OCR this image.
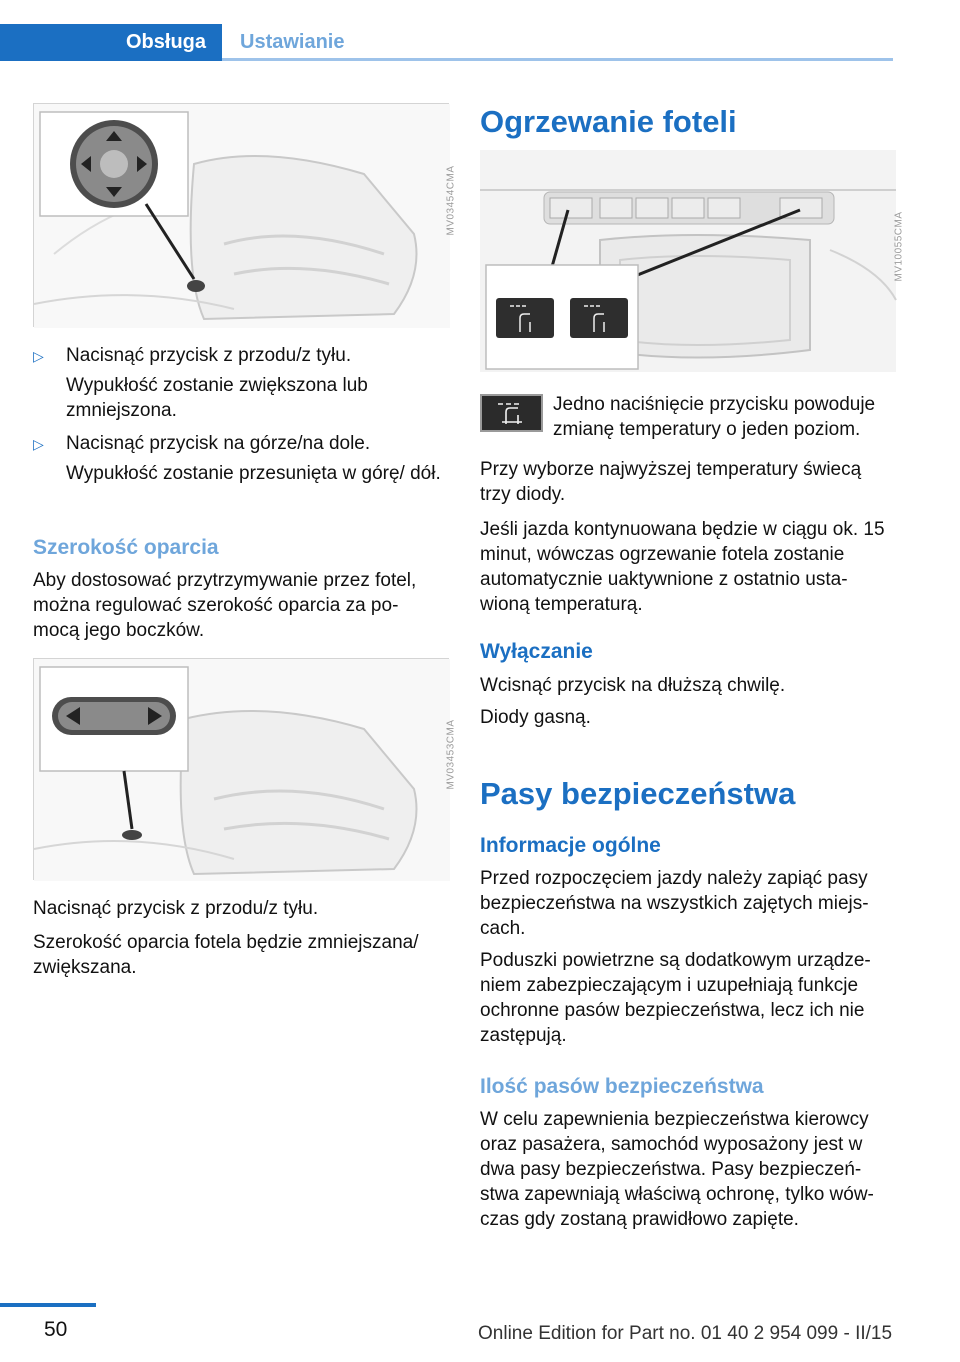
Obsługa	Ustawianie
MV03454CMA
▷ Nacisnąć przycisk z przodu/z tyłu.

Wypukłość zostanie zwiększona lub zmniejszona.

▷ Nacisnąć przycisk na górze/na dole.

Wypukłość zostanie przesunięta w górę/ dół.

Szerokość oparcia

Aby dostosować przytrzymywanie przez fotel, można regulować szerokość oparcia za po- mocą jego boczków.

MV03453CMA

Nacisnąć przycisk z przodu/z tyłu.

Szerokość oparcia fotela będzie zmniejszana/ zwiększana.

Ogrzewanie foteli
MV10055CMA

Jedno naciśnięcie przycisku powoduje zmianę temperatury o jeden poziom.

Przy wyborze najwyższej temperatury świecą trzy diody.

Jeśli jazda kontynuowana będzie w ciągu ok. 15 minut, wówczas ogrzewanie fotela zostanie automatycznie uaktywnione z ostatnio usta- wioną temperaturą.

Wyłączanie

Wcisnąć przycisk na dłuższą chwilę.

Diody gasną.

Pasy bezpieczeństwa
Informacje ogólne

Przed rozpoczęciem jazdy należy zapiąć pasy bezpieczeństwa na wszystkich zajętych miejs- cach.

Poduszki powietrzne są dodatkowym urządze- niem zabezpieczającym i uzupełniają funkcje ochronne pasów bezpieczeństwa, lecz ich nie zastępują.

Ilość pasów bezpieczeństwa

W celu zapewnienia bezpieczeństwa kierowcy oraz pasażera, samochód wyposażony jest w dwa pasy bezpieczeństwa. Pasy bezpieczeń- stwa zapewniają właściwą ochronę, tylko wów- czas gdy zostaną prawidłowo zapięte.

50	Online Edition for Part no. 01 40 2 954 099 - II/15
